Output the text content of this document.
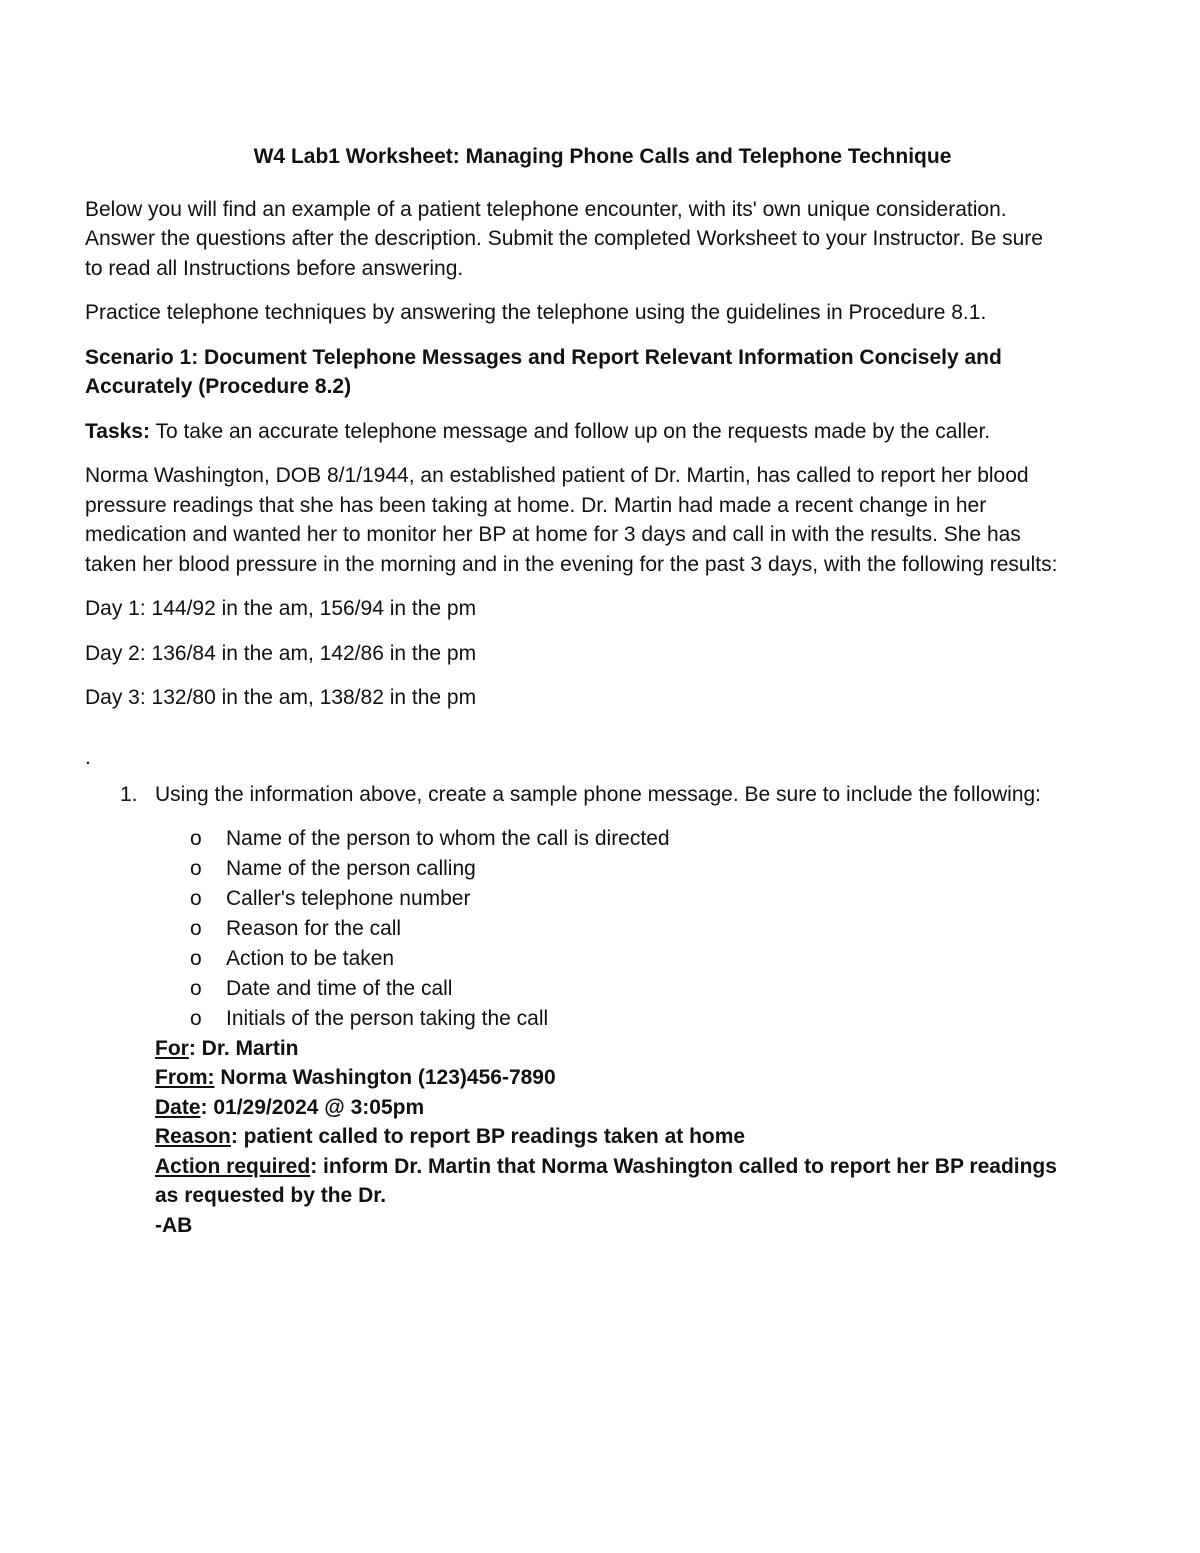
W4 Lab1 Worksheet: Managing Phone Calls and Telephone Technique

Below you will find an example of a patient telephone encounter, with its' own unique consideration. Answer the questions after the description. Submit the completed Worksheet to your Instructor. Be sure to read all Instructions before answering.

Practice telephone techniques by answering the telephone using the guidelines in Procedure 8.1.

Scenario 1: Document Telephone Messages and Report Relevant Information Concisely and Accurately (Procedure 8.2)

Tasks: To take an accurate telephone message and follow up on the requests made by the caller.

Norma Washington, DOB 8/1/1944, an established patient of Dr. Martin, has called to report her blood pressure readings that she has been taking at home. Dr. Martin had made a recent change in her medication and wanted her to monitor her BP at home for 3 days and call in with the results. She has taken her blood pressure in the morning and in the evening for the past 3 days, with the following results:

Day 1: 144/92 in the am, 156/94 in the pm

Day 2: 136/84 in the am, 142/86 in the pm

Day 3: 132/80 in the am, 138/82 in the pm

.
1. Using the information above, create a sample phone message. Be sure to include the following:
o	Name of the person to whom the call is directed
o	Name of the person calling
o	Caller's telephone number
o	Reason for the call
o	Action to be taken
o	Date and time of the call
o	Initials of the person taking the call
For: Dr. Martin
From: Norma Washington (123)456-7890
Date: 01/29/2024 @ 3:05pm
Reason: patient called to report BP readings taken at home
Action required: inform Dr. Martin that Norma Washington called to report her BP readings as requested by the Dr.
-AB
